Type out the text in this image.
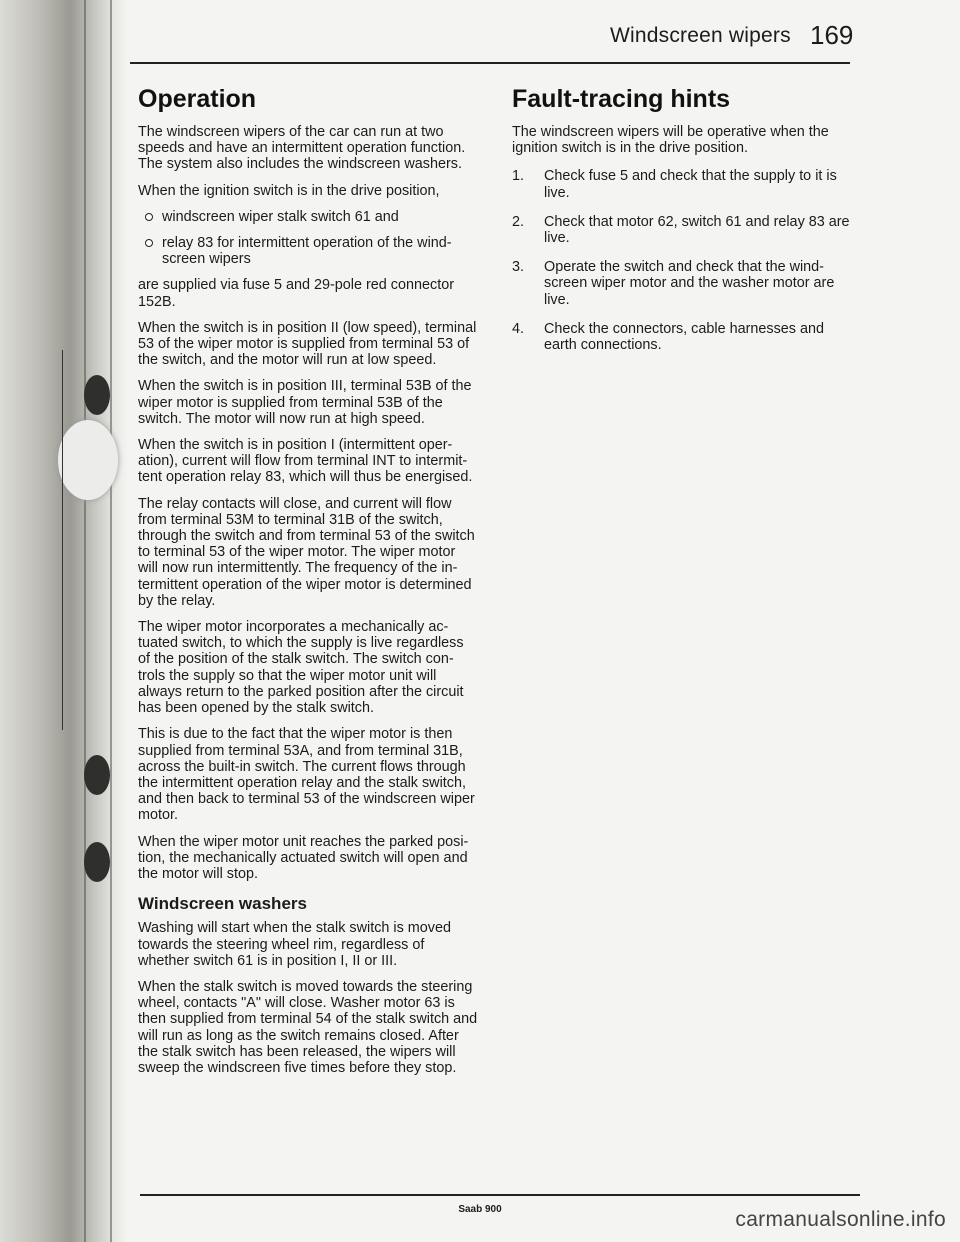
Windscreen wipers 169
Operation

The windscreen wipers of the car can run at two speeds and have an intermittent operation function. The system also includes the windscreen washers.

When the ignition switch is in the drive position,

windscreen wiper stalk switch 61 and
relay 83 for intermittent operation of the wind-screen wipers

are supplied via fuse 5 and 29-pole red connector 152B.

When the switch is in position II (low speed), terminal 53 of the wiper motor is supplied from terminal 53 of the switch, and the motor will run at low speed.

When the switch is in position III, terminal 53B of the wiper motor is supplied from terminal 53B of the switch. The motor will now run at high speed.

When the switch is in position I (intermittent oper-ation), current will flow from terminal INT to intermit-tent operation relay 83, which will thus be energised.

The relay contacts will close, and current will flow from terminal 53M to terminal 31B of the switch, through the switch and from terminal 53 of the switch to terminal 53 of the wiper motor. The wiper motor will now run intermittently. The frequency of the in-termittent operation of the wiper motor is determined by the relay.

The wiper motor incorporates a mechanically ac-tuated switch, to which the supply is live regardless of the position of the stalk switch. The switch con-trols the supply so that the wiper motor unit will always return to the parked position after the circuit has been opened by the stalk switch.

This is due to the fact that the wiper motor is then supplied from terminal 53A, and from terminal 31B, across the built-in switch. The current flows through the intermittent operation relay and the stalk switch, and then back to terminal 53 of the windscreen wiper motor.

When the wiper motor unit reaches the parked posi-tion, the mechanically actuated switch will open and the motor will stop.

Windscreen washers

Washing will start when the stalk switch is moved towards the steering wheel rim, regardless of whether switch 61 is in position I, II or III.

When the stalk switch is moved towards the steering wheel, contacts "A" will close. Washer motor 63 is then supplied from terminal 54 of the stalk switch and will run as long as the switch remains closed. After the stalk switch has been released, the wipers will sweep the windscreen five times before they stop.

Fault-tracing hints

The windscreen wipers will be operative when the ignition switch is in the drive position.

1. Check fuse 5 and check that the supply to it is live.
2. Check that motor 62, switch 61 and relay 83 are live.
3. Operate the switch and check that the wind-screen wiper motor and the washer motor are live.
4. Check the connectors, cable harnesses and earth connections.
Saab 900	carmanualsonline.info
